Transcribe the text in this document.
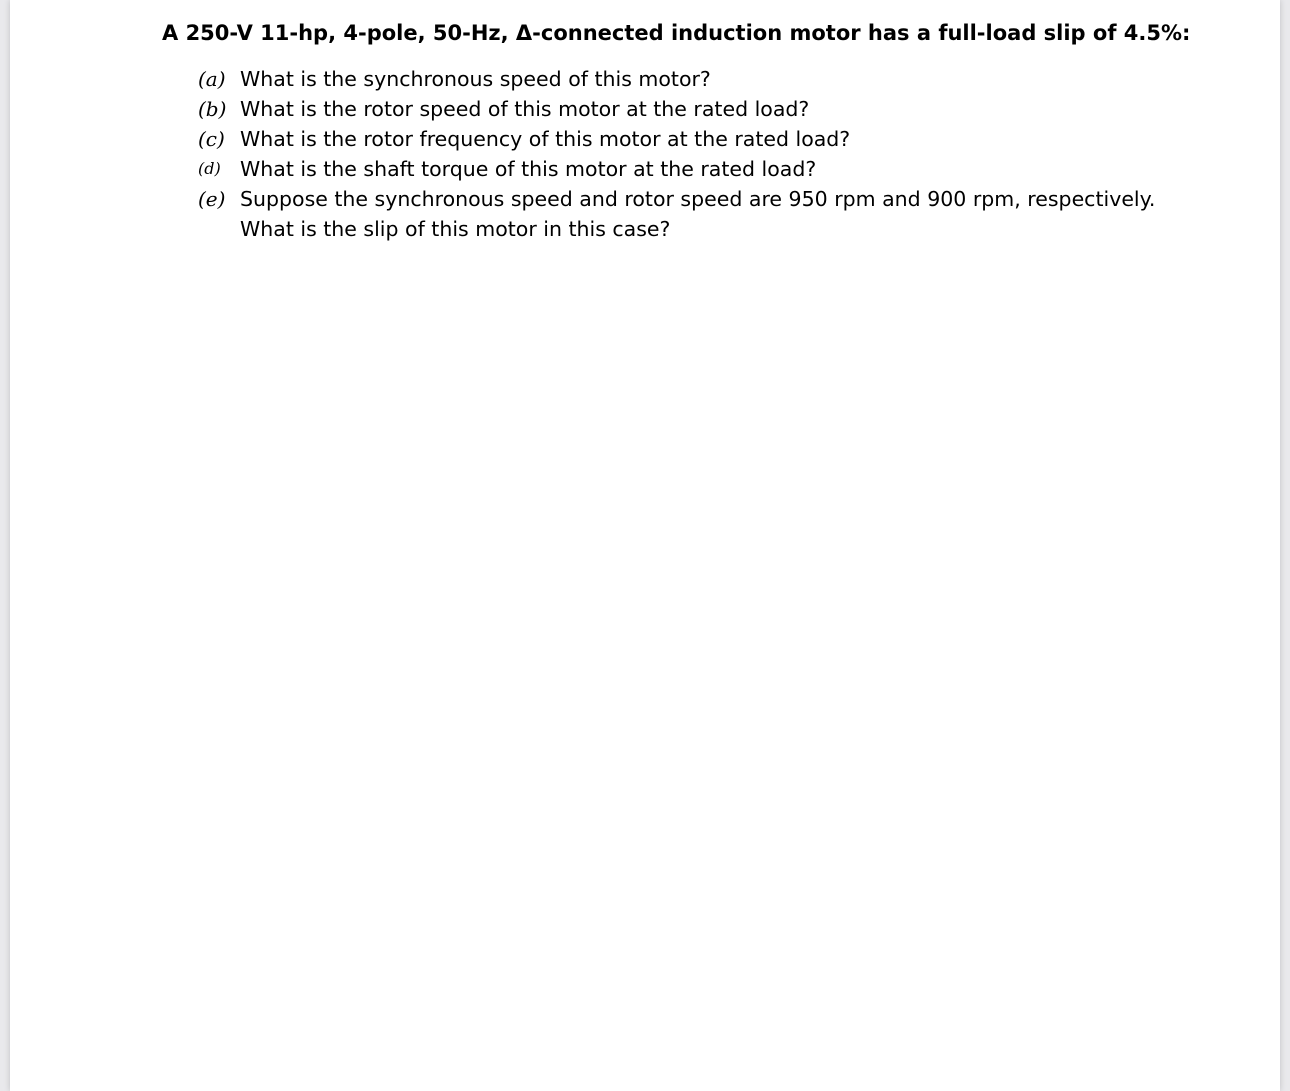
A 250-V 11-hp, 4-pole, 50-Hz, Δ-connected induction motor has a full-load slip of 4.5%:

(a) What is the synchronous speed of this motor?
(b) What is the rotor speed of this motor at the rated load?
(c) What is the rotor frequency of this motor at the rated load?
(d) What is the shaft torque of this motor at the rated load?
(e) Suppose the synchronous speed and rotor speed are 950 rpm and 900 rpm, respectively.
What is the slip of this motor in this case?
